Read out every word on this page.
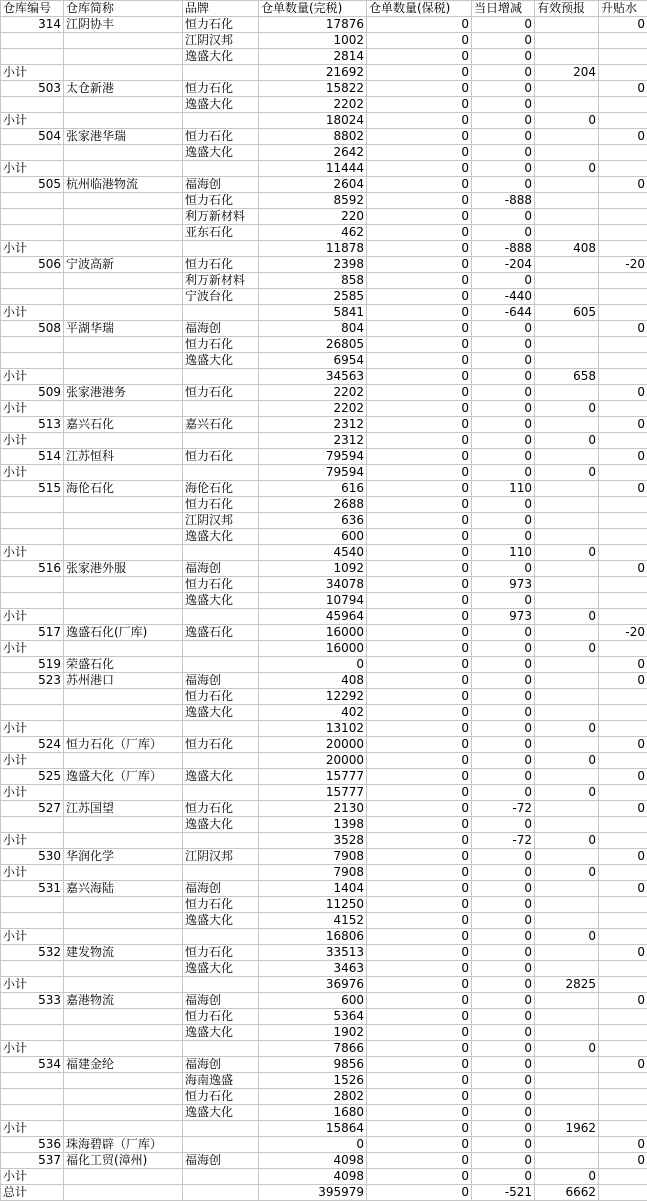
仓库编号	仓库简称	品牌	仓单数量(完税)	仓单数量(保税)	当日增减	有效预报	升贴水
314	江阴协丰	恒力石化	17876	0	0		0
		江阴汉邦	1002	0	0		
		逸盛大化	2814	0	0		
小计			21692	0	0	204	
503	太仓新港	恒力石化	15822	0	0		0
		逸盛大化	2202	0	0		
小计			18024	0	0	0	
504	张家港华瑞	恒力石化	8802	0	0		0
		逸盛大化	2642	0	0		
小计			11444	0	0	0	
505	杭州临港物流	福海创	2604	0	0		0
		恒力石化	8592	0	-888		
		利万新材料	220	0	0		
		亚东石化	462	0	0		
小计			11878	0	-888	408	
506	宁波高新	恒力石化	2398	0	-204		-20
		利万新材料	858	0	0		
		宁波台化	2585	0	-440		
小计			5841	0	-644	605	
508	平湖华瑞	福海创	804	0	0		0
		恒力石化	26805	0	0		
		逸盛大化	6954	0	0		
小计			34563	0	0	658	
509	张家港港务	恒力石化	2202	0	0		0
小计			2202	0	0	0	
513	嘉兴石化	嘉兴石化	2312	0	0		0
小计			2312	0	0	0	
514	江苏恒科	恒力石化	79594	0	0		0
小计			79594	0	0	0	
515	海伦石化	海伦石化	616	0	110		0
		恒力石化	2688	0	0		
		江阴汉邦	636	0	0		
		逸盛大化	600	0	0		
小计			4540	0	110	0	
516	张家港外服	福海创	1092	0	0		0
		恒力石化	34078	0	973		
		逸盛大化	10794	0	0		
小计			45964	0	973	0	
517	逸盛石化(厂库)	逸盛石化	16000	0	0		-20
小计			16000	0	0	0	
519	荣盛石化		0	0	0		0
523	苏州港口	福海创	408	0	0		0
		恒力石化	12292	0	0		
		逸盛大化	402	0	0		
小计			13102	0	0	0	
524	恒力石化（厂库）	恒力石化	20000	0	0		0
小计			20000	0	0	0	
525	逸盛大化（厂库）	逸盛大化	15777	0	0		0
小计			15777	0	0	0	
527	江苏国望	恒力石化	2130	0	-72		0
		逸盛大化	1398	0	0		
小计			3528	0	-72	0	
530	华润化学	江阴汉邦	7908	0	0		0
小计			7908	0	0	0	
531	嘉兴海陆	福海创	1404	0	0		0
		恒力石化	11250	0	0		
		逸盛大化	4152	0	0		
小计			16806	0	0	0	
532	建发物流	恒力石化	33513	0	0		0
		逸盛大化	3463	0	0		
小计			36976	0	0	2825	
533	嘉港物流	福海创	600	0	0		0
		恒力石化	5364	0	0		
		逸盛大化	1902	0	0		
小计			7866	0	0	0	
534	福建金纶	福海创	9856	0	0		0
		海南逸盛	1526	0	0		
		恒力石化	2802	0	0		
		逸盛大化	1680	0	0		
小计			15864	0	0	1962	
536	珠海碧辟（厂库）		0	0	0		0
537	福化工贸(漳州)	福海创	4098	0	0		0
小计			4098	0	0	0	
总计			395979	0	-521	6662	
